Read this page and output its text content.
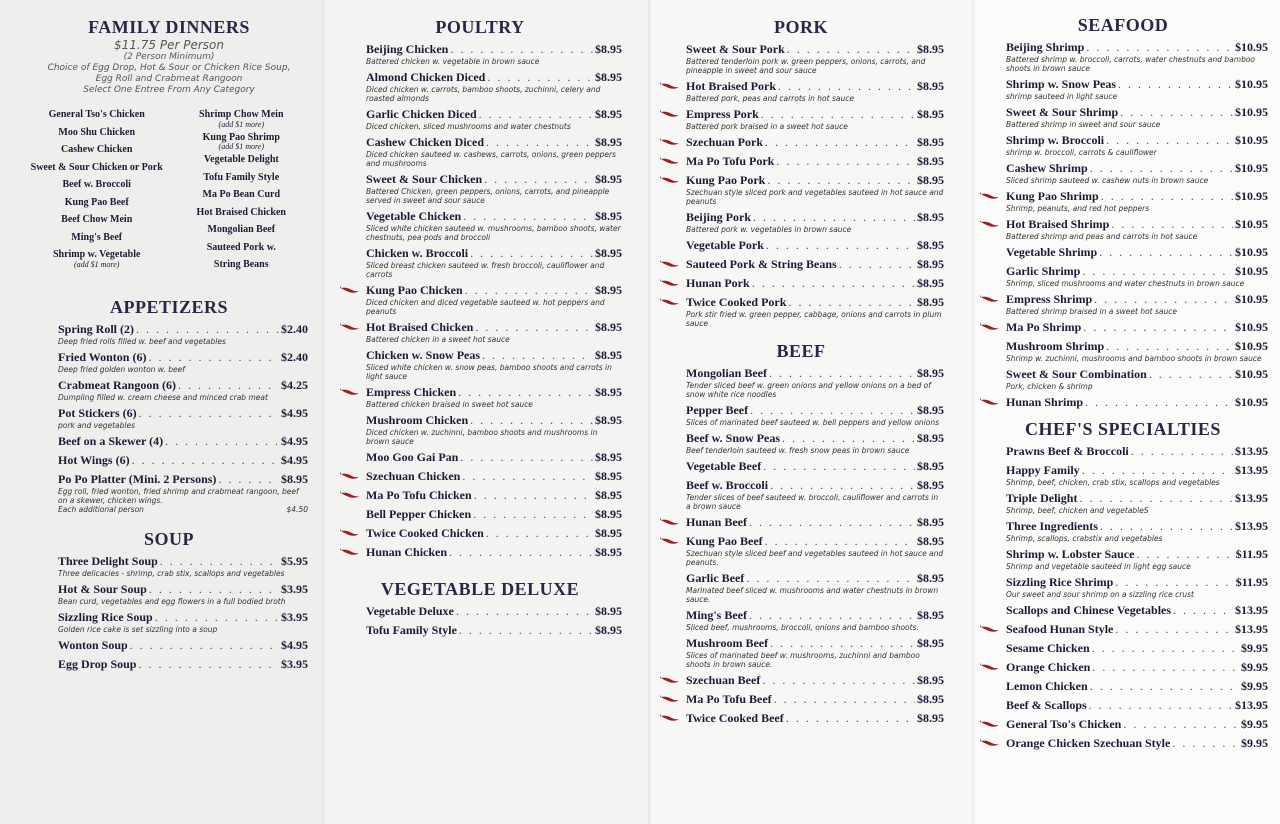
FAMILY DINNERS
$11.75 Per Person
(2 Person Minimum)
Choice of Egg Drop, Hot & Sour or Chicken Rice Soup,
Egg Roll and Crabmeat Rangoon
Select One Entree From Any Category
General Tso's Chicken
Moo Shu Chicken
Cashew Chicken
Sweet & Sour Chicken or Pork
Beef w. Broccoli
Kung Pao Beef
Beef Chow Mein
Ming's Beef
Shrimp w. Vegetable
(add $1 more)
Shrimp Chow Mein
(add $1 more)
Kung Pao Shrimp
(add $1 more)
Vegetable Delight
Tofu Family Style
Ma Po Bean Curd
Hot Braised Chicken
Mongolian Beef
Sauteed Pork w.
String Beans
APPETIZERS
Spring Roll (2) . . .	$2.40
Deep fried rolls filled w. beef and vegetables
Fried Wonton (6) . . .	$2.40
Deep fried golden wonton w. beef
Crabmeat Rangoon (6) . . .	$4.25
Dumpling filled w. cream cheese and minced crab meat
Pot Stickers (6) . . .	$4.95
pork and vegetables
Beef on a Skewer (4) . . .	$4.95
Hot Wings (6) . . .	$4.95
Po Po Platter (Mini. 2 Persons) . . .	$8.95
Egg roll, fried wonton, fried shrimp and crabmeat rangoon, beef on a skewer, chicken wings.
Each additional person	$4.50
SOUP
Three Delight Soup . . .	$5.95
Three delicacies - shrimp, crab stix, scallops and vegetables
Hot & Sour Soup . . .	$3.95
Bean curd, vegetables and egg flowers in a full bodied broth
Sizzling Rice Soup . . .	$3.95
Golden rice cake is set sizzling into a soup
Wonton Soup . . .	$4.95
Egg Drop Soup . . .	$3.95
POULTRY
Beijing Chicken . . .	$8.95
Battered chicken w. vegetable in brown sauce
Almond Chicken Diced . . .	$8.95
Diced chicken w. carrots, bamboo shoots, zuchinni, celery and roasted almonds
Garlic Chicken Diced . . .	$8.95
Diced chicken, sliced mushrooms and water chestnuts
Cashew Chicken Diced . . .	$8.95
Diced chicken sauteed w. cashews, carrots, onions, green peppers and mushrooms
Sweet & Sour Chicken . . .	$8.95
Battered Chicken, green peppers, onions, carrots, and pineapple served in sweet and sour sauce
Vegetable Chicken . . .	$8.95
Sliced white chicken sauteed w. mushrooms, bamboo shoots, water chestnuts, pea pods and broccoli
Chicken w. Broccoli . . .	$8.95
Sliced breast chicken sauteed w. fresh broccoli, cauliflower and carrots
Kung Pao Chicken . . .	$8.95
Diced chicken and diced vegetable sauteed w. hot peppers and peanuts
Hot Braised Chicken . . .	$8.95
Battered chicken in a sweet hot sauce
Chicken w. Snow Peas . . .	$8.95
Sliced white chicken w. snow peas, bamboo shoots and carrots in light sauce
Empress Chicken . . .	$8.95
Battered chicken braised in sweet hot sauce
Mushroom Chicken . . .	$8.95
Diced chicken w. zuchinni, bamboo shoots and mushrooms in brown sauce
Moo Goo Gai Pan . . .	$8.95
Szechuan Chicken . . .	$8.95
Ma Po Tofu Chicken . . .	$8.95
Bell Pepper Chicken . . .	$8.95
Twice Cooked Chicken . . .	$8.95
Hunan Chicken . . .	$8.95
VEGETABLE DELUXE
Vegetable Deluxe . . .	$8.95
Tofu Family Style . . .	$8.95
PORK
Sweet & Sour Pork . . .	$8.95
Battered tenderloin pork w. green peppers, onions, carrots, and pineapple in sweet and sour sauce
Hot Braised Pork . . .	$8.95
Battered pork, peas and carrots in hot sauce
Empress Pork . . .	$8.95
Battered pork braised in a sweet hot sauce
Szechuan Pork . . .	$8.95
Ma Po Tofu Pork . . .	$8.95
Kung Pao Pork . . .	$8.95
Szechuan style sliced pork and vegetables sauteed in hot sauce and peanuts
Beijing Pork . . .	$8.95
Battered pork w. vegetables in brown sauce
Vegetable Pork . . .	$8.95
Sauteed Pork & String Beans . . .	$8.95
Hunan Pork . . .	$8.95
Twice Cooked Pork . . .	$8.95
Pork stir fried w. green pepper, cabbage, onions and carrots in plum sauce
BEEF
Mongolian Beef . . .	$8.95
Tender sliced beef w. green onions and yellow onions on a bed of snow white rice noodles
Pepper Beef . . .	$8.95
Slices of marinated beef sauteed w. bell peppers and yellow onions
Beef w. Snow Peas . . .	$8.95
Beef tenderloin sauteed w. fresh snow peas in brown sauce
Vegetable Beef . . .	$8.95
Beef w. Broccoli . . .	$8.95
Tender slices of beef sauteed w. broccoli, cauliflower and carrots in a brown sauce
Hunan Beef . . .	$8.95
Kung Pao Beef . . .	$8.95
Szechuan style sliced beef and vegetables sauteed in hot sauce and peanuts.
Garlic Beef . . .	$8.95
Marinated beef sliced w. mushrooms and water chestnuts in brown sauce.
Ming's Beef . . .	$8.95
Sliced beef, mushrooms, broccoli, onions and bamboo shoots.
Mushroom Beef . . .	$8.95
Slices of marinated beef w. mushrooms, zuchinni and bamboo shoots in brown sauce.
Szechuan Beef . . .	$8.95
Ma Po Tofu Beef . . .	$8.95
Twice Cooked Beef . . .	$8.95
SEAFOOD
Beijing Shrimp . . .	$10.95
Battered shrimp w. broccoli, carrots, water chestnuts and bamboo shoots in brown sauce
Shrimp w. Snow Peas . . .	$10.95
shrimp sauteed in light sauce
Sweet & Sour Shrimp . . .	$10.95
Battered shrimp in sweet and sour sauce
Shrimp w. Broccoli . . .	$10.95
shrimp w. broccoli, carrots & cauliflower
Cashew Shrimp . . .	$10.95
Sliced shrimp sauteed w. cashew nuts in brown sauce
Kung Pao Shrimp . . .	$10.95
Shrimp, peanuts, and red hot peppers
Hot Braised Shrimp . . .	$10.95
Battered shrimp and peas and carrots in hot sauce
Vegetable Shrimp . . .	$10.95
Garlic Shrimp . . .	$10.95
Shrimp, sliced mushrooms and water chestnuts in brown sauce
Empress Shrimp . . .	$10.95
Battered shrimp braised in a sweet hot sauce
Ma Po Shrimp . . .	$10.95
Mushroom Shrimp . . .	$10.95
Shrimp w. zuchinni, mushrooms and bamboo shoots in brown sauce
Sweet & Sour Combination . . .	$10.95
Pork, chicken & shrimp
Hunan Shrimp . . .	$10.95
CHEF'S SPECIALTIES
Prawns Beef & Broccoli . . .	$13.95
Happy Family . . .	$13.95
Shrimp, beef, chicken, crab stix, scallops and vegetables
Triple Delight . . .	$13.95
Shrimp, beef, chicken and vegetableS
Three Ingredients . . .	$13.95
Shrimp, scallops, crabstix and vegetables
Shrimp w. Lobster Sauce . . .	$11.95
Shrimp and vegetable sauteed in light egg sauce
Sizzling Rice Shrimp . . .	$11.95
Our sweet and sour shrimp on a sizzling rice crust
Scallops and Chinese Vegetables . . .	$13.95
Seafood Hunan Style . . .	$13.95
Sesame Chicken . . .	$9.95
Orange Chicken . . .	$9.95
Lemon Chicken . . .	$9.95
Beef & Scallops . . .	$13.95
General Tso's Chicken . . .	$9.95
Orange Chicken Szechuan Style . . .	$9.95
